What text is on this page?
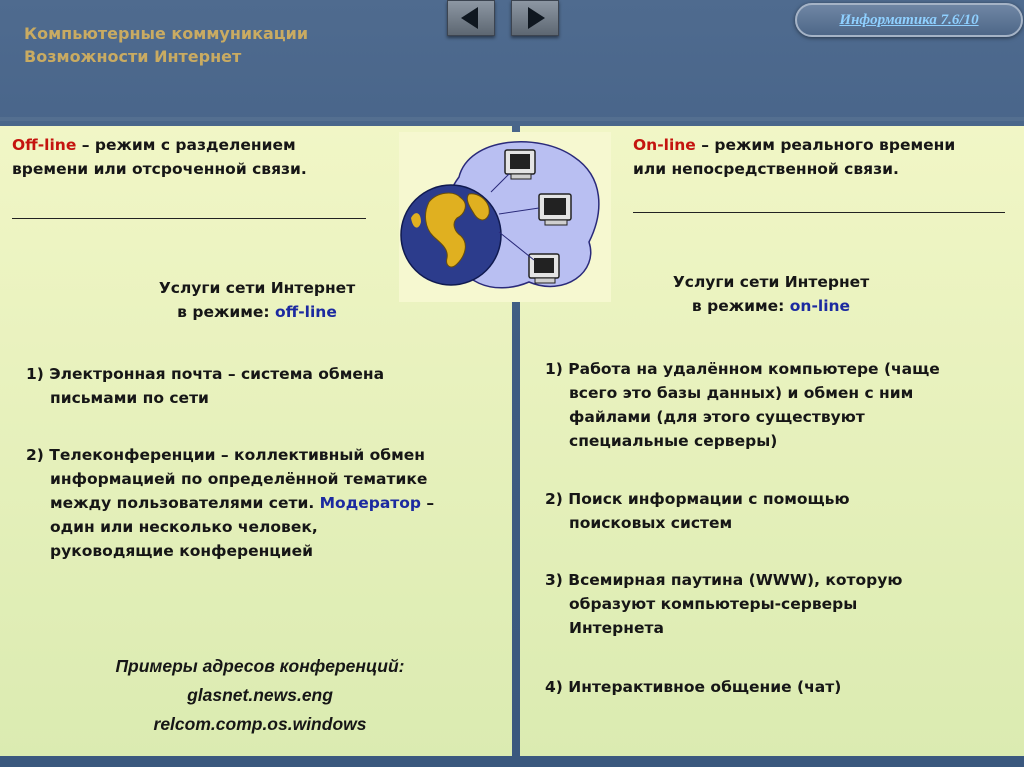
Компьютерные коммуникации
Возможности Интернет
Информатика 7.6/10
Off-line – режим с разделением
времени или отсроченной связи.
Услуги сети Интернет
в режиме: off-line
1) Электронная почта – система обмена
письмами по сети
2) Телеконференции – коллективный обмен
информацией по определённой тематике
между пользователями сети. Модератор –
один или несколько человек,
руководящие конференцией
Примеры адресов конференций:
glasnet.news.eng
relcom.comp.os.windows
On-line – режим реального времени
или непосредственной связи.
Услуги сети Интернет
в режиме: on-line
1) Работа на удалённом компьютере (чаще
всего это базы данных) и обмен с ним
файлами (для этого существуют
специальные серверы)
2) Поиск информации с помощью
поисковых систем
3) Всемирная паутина (WWW), которую
образуют компьютеры-серверы
Интернета
4) Интерактивное общение (чат)
